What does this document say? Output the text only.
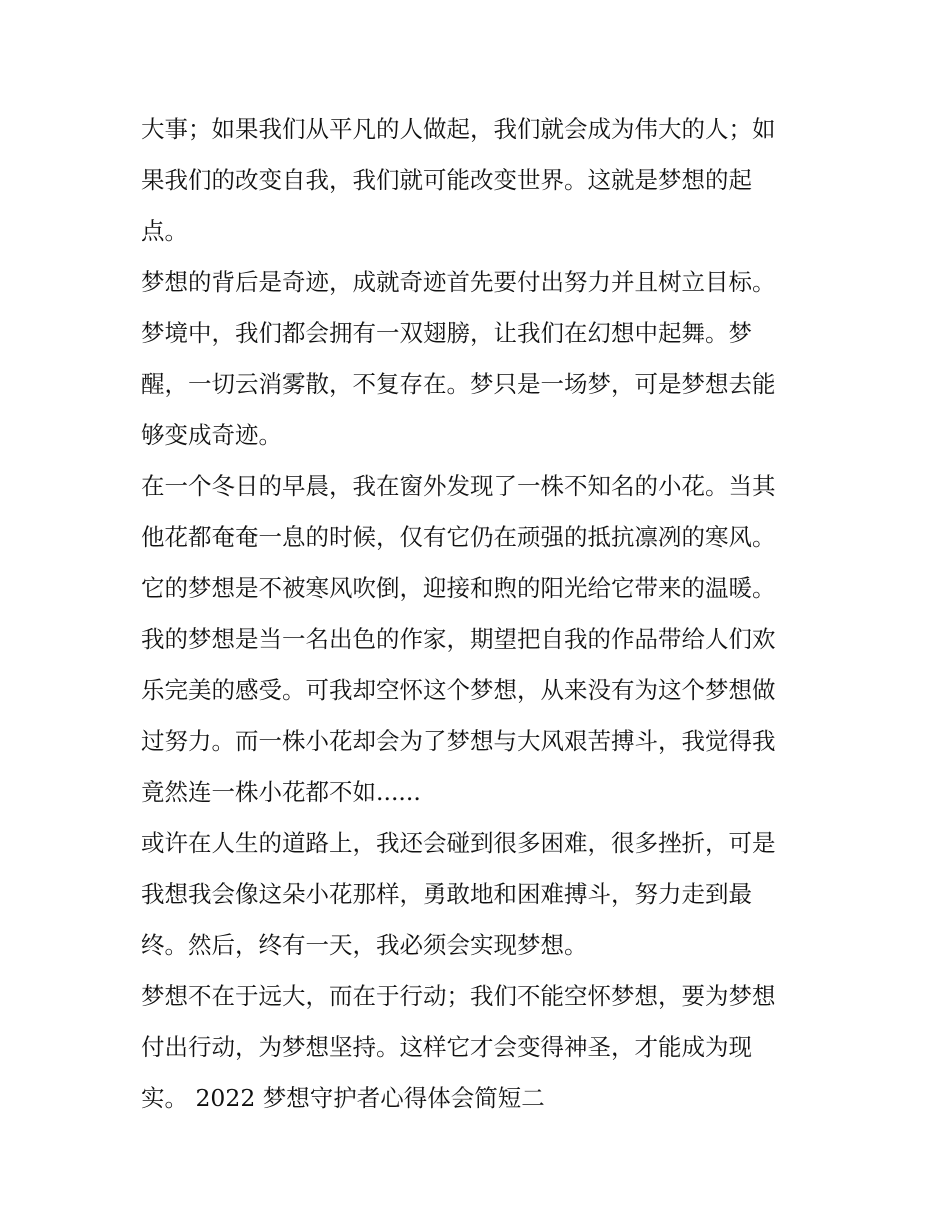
大事；如果我们从平凡的人做起，我们就会成为伟大的人；如
果我们的改变自我，我们就可能改变世界。这就是梦想的起
点。

梦想的背后是奇迹，成就奇迹首先要付出努力并且树立目标。
梦境中，我们都会拥有一双翅膀，让我们在幻想中起舞。梦
醒，一切云消雾散，不复存在。梦只是一场梦，可是梦想去能
够变成奇迹。

在一个冬日的早晨，我在窗外发现了一株不知名的小花。当其
他花都奄奄一息的时候，仅有它仍在顽强的抵抗凛冽的寒风。
它的梦想是不被寒风吹倒，迎接和煦的阳光给它带来的温暖。
我的梦想是当一名出色的作家，期望把自我的作品带给人们欢
乐完美的感受。可我却空怀这个梦想，从来没有为这个梦想做
过努力。而一株小花却会为了梦想与大风艰苦搏斗，我觉得我
竟然连一株小花都不如......

或许在人生的道路上，我还会碰到很多困难，很多挫折，可是
我想我会像这朵小花那样，勇敢地和困难搏斗，努力走到最
终。然后，终有一天，我必须会实现梦想。

梦想不在于远大，而在于行动；我们不能空怀梦想，要为梦想
付出行动，为梦想坚持。这样它才会变得神圣，才能成为现
实。 2022 梦想守护者心得体会简短二
